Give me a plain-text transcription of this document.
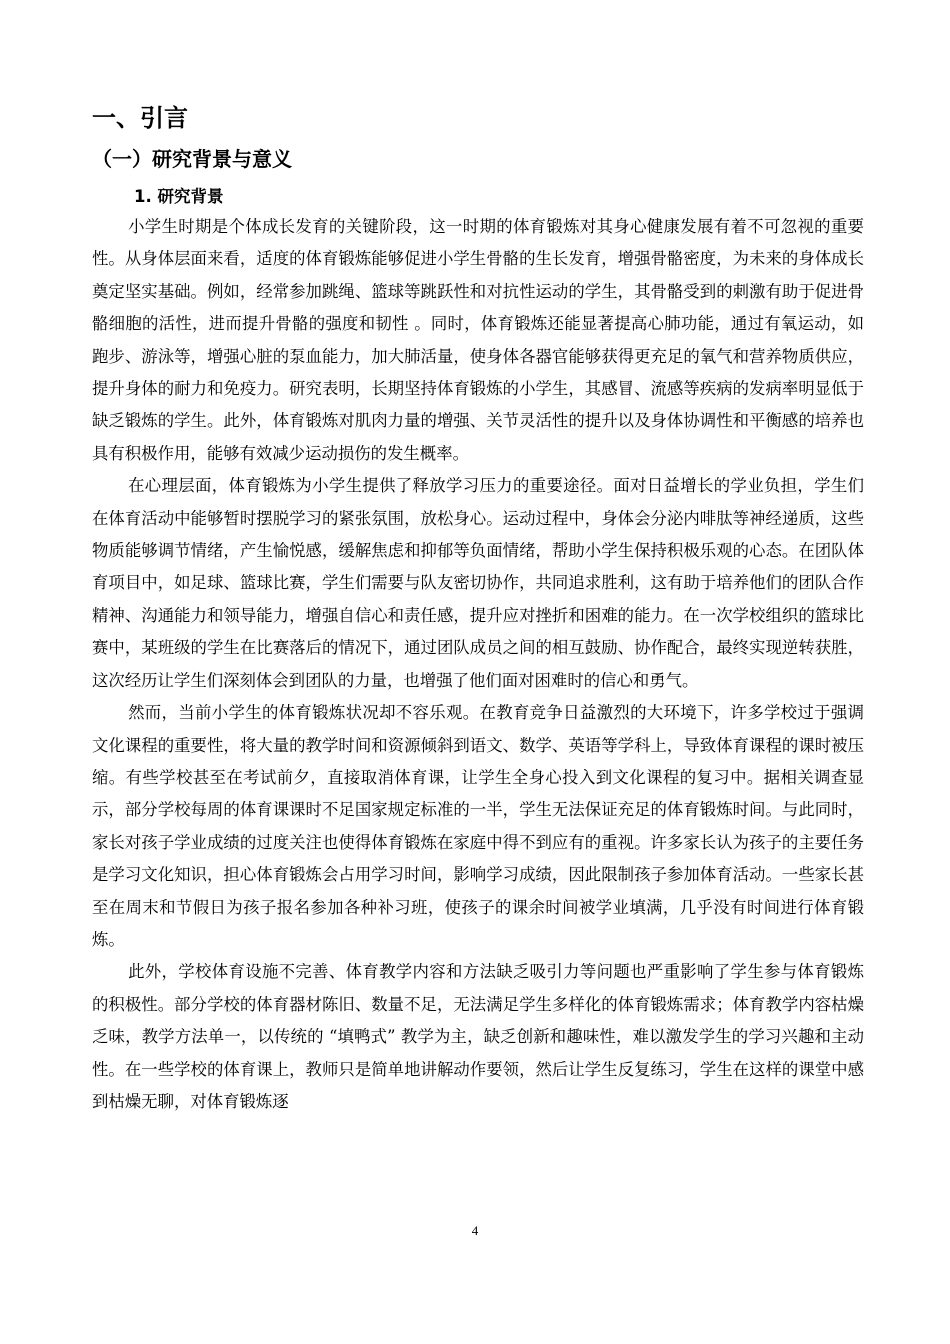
一、引言
（一）研究背景与意义
1. 研究背景

小学生时期是个体成长发育的关键阶段，这一时期的体育锻炼对其身心健康发展有着不可忽视的重要性。从身体层面来看，适度的体育锻炼能够促进小学生骨骼的生长发育，增强骨骼密度，为未来的身体成长奠定坚实基础。例如，经常参加跳绳、篮球等跳跃性和对抗性运动的学生，其骨骼受到的刺激有助于促进骨骼细胞的活性，进而提升骨骼的强度和韧性 。同时，体育锻炼还能显著提高心肺功能，通过有氧运动，如跑步、游泳等，增强心脏的泵血能力，加大肺活量，使身体各器官能够获得更充足的氧气和营养物质供应，提升身体的耐力和免疫力。研究表明，长期坚持体育锻炼的小学生，其感冒、流感等疾病的发病率明显低于缺乏锻炼的学生。此外，体育锻炼对肌肉力量的增强、关节灵活性的提升以及身体协调性和平衡感的培养也具有积极作用，能够有效减少运动损伤的发生概率。

在心理层面，体育锻炼为小学生提供了释放学习压力的重要途径。面对日益增长的学业负担，学生们在体育活动中能够暂时摆脱学习的紧张氛围，放松身心。运动过程中，身体会分泌内啡肽等神经递质，这些物质能够调节情绪，产生愉悦感，缓解焦虑和抑郁等负面情绪，帮助小学生保持积极乐观的心态。在团队体育项目中，如足球、篮球比赛，学生们需要与队友密切协作，共同追求胜利，这有助于培养他们的团队合作精神、沟通能力和领导能力，增强自信心和责任感，提升应对挫折和困难的能力。在一次学校组织的篮球比赛中，某班级的学生在比赛落后的情况下，通过团队成员之间的相互鼓励、协作配合，最终实现逆转获胜，这次经历让学生们深刻体会到团队的力量，也增强了他们面对困难时的信心和勇气。

然而，当前小学生的体育锻炼状况却不容乐观。在教育竞争日益激烈的大环境下，许多学校过于强调文化课程的重要性，将大量的教学时间和资源倾斜到语文、数学、英语等学科上，导致体育课程的课时被压缩。有些学校甚至在考试前夕，直接取消体育课，让学生全身心投入到文化课程的复习中。据相关调查显示，部分学校每周的体育课课时不足国家规定标准的一半，学生无法保证充足的体育锻炼时间。与此同时，家长对孩子学业成绩的过度关注也使得体育锻炼在家庭中得不到应有的重视。许多家长认为孩子的主要任务是学习文化知识，担心体育锻炼会占用学习时间，影响学习成绩，因此限制孩子参加体育活动。一些家长甚至在周末和节假日为孩子报名参加各种补习班，使孩子的课余时间被学业填满，几乎没有时间进行体育锻炼。

此外，学校体育设施不完善、体育教学内容和方法缺乏吸引力等问题也严重影响了学生参与体育锻炼的积极性。部分学校的体育器材陈旧、数量不足，无法满足学生多样化的体育锻炼需求；体育教学内容枯燥乏味，教学方法单一，以传统的 “填鸭式” 教学为主，缺乏创新和趣味性，难以激发学生的学习兴趣和主动性。在一些学校的体育课上，教师只是简单地讲解动作要领，然后让学生反复练习，学生在这样的课堂中感到枯燥无聊，对体育锻炼逐

4
